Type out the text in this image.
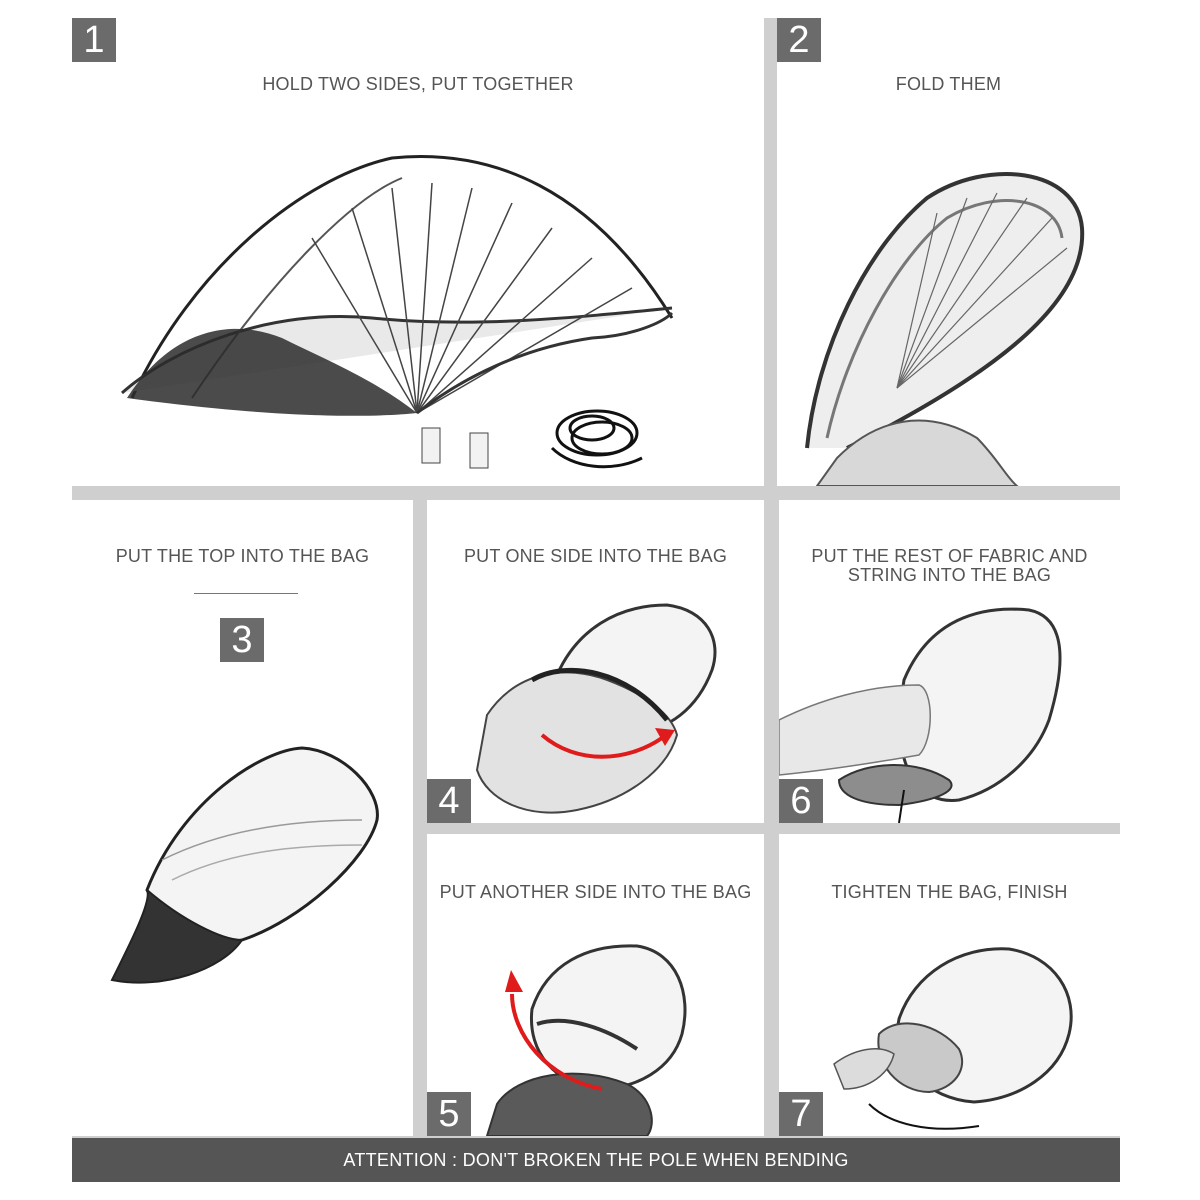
1
HOLD TWO SIDES, PUT TOGETHER
2
FOLD THEM
PUT THE TOP INTO THE BAG
3
PUT ONE SIDE INTO THE BAG
4
PUT THE REST OF FABRIC AND
STRING INTO THE BAG
6
PUT ANOTHER SIDE INTO THE BAG
5
TIGHTEN THE BAG, FINISH
7
ATTENTION : DON'T BROKEN THE POLE WHEN BENDING
